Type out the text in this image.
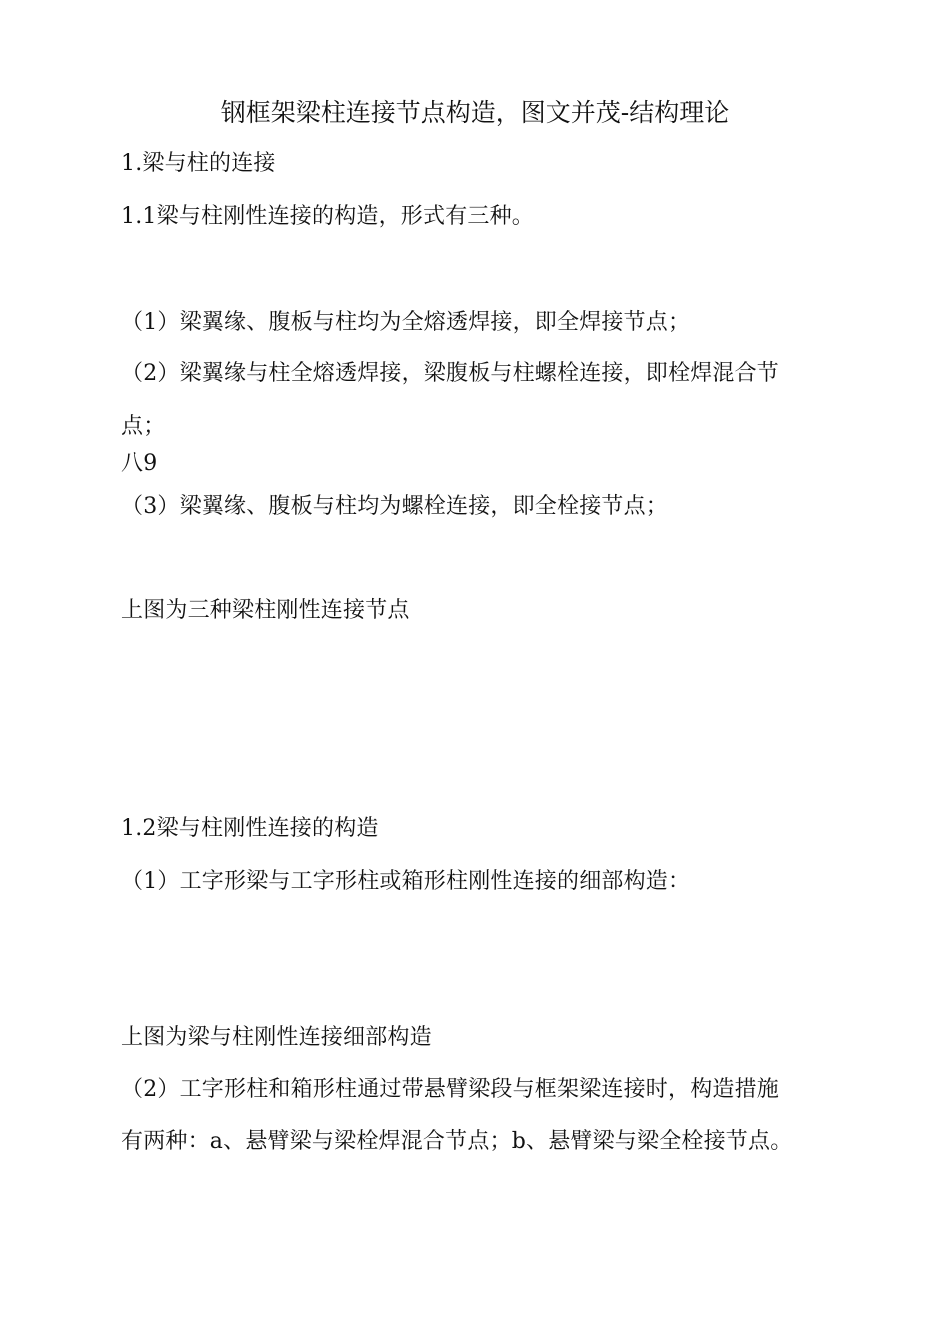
钢框架梁柱连接节点构造，图文并茂-结构理论
1.梁与柱的连接
1.1梁与柱刚性连接的构造，形式有三种。
（1）梁翼缘、腹板与柱均为全熔透焊接，即全焊接节点；
（2）梁翼缘与柱全熔透焊接，梁腹板与柱螺栓连接，即栓焊混合节
点；
八9
（3）梁翼缘、腹板与柱均为螺栓连接，即全栓接节点；
上图为三种梁柱刚性连接节点
1.2梁与柱刚性连接的构造
（1）工字形梁与工字形柱或箱形柱刚性连接的细部构造：
上图为梁与柱刚性连接细部构造
（2）工字形柱和箱形柱通过带悬臂梁段与框架梁连接时，构造措施
有两种：a、悬臂梁与梁栓焊混合节点；b、悬臂梁与梁全栓接节点。
